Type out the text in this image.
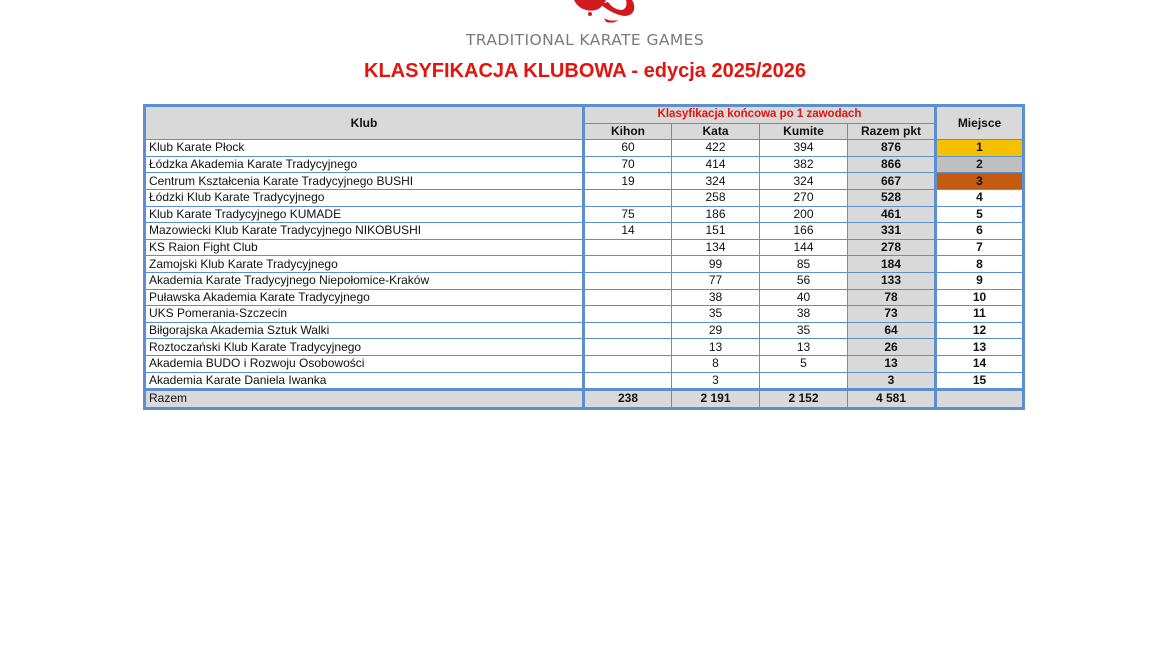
TRADITIONAL KARATE GAMES
KLASYFIKACJA KLUBOWA - edycja 2025/2026
Klub	Klasyfikacja końcowa po 1 zawodach				Miejsce
	Kihon	Kata	Kumite	Razem pkt	
Klub Karate Płock	60	422	394	876	1
Łódzka Akademia Karate Tradycyjnego	70	414	382	866	2
Centrum Kształcenia Karate Tradycyjnego BUSHI	19	324	324	667	3
Łódzki Klub Karate Tradycyjnego		258	270	528	4
Klub Karate Tradycyjnego KUMADE	75	186	200	461	5
Mazowiecki Klub Karate Tradycyjnego NIKOBUSHI	14	151	166	331	6
KS Raion Fight Club		134	144	278	7
Zamojski Klub Karate Tradycyjnego		99	85	184	8
Akademia Karate Tradycyjnego Niepołomice-Kraków		77	56	133	9
Puławska Akademia Karate Tradycyjnego		38	40	78	10
UKS Pomerania-Szczecin		35	38	73	11
Biłgorajska Akademia Sztuk Walki		29	35	64	12
Roztoczański Klub Karate Tradycyjnego		13	13	26	13
Akademia BUDO i Rozwoju Osobowości		8	5	13	14
Akademia Karate Daniela Iwanka		3		3	15
Razem	238	2 191	2 152	4 581	
